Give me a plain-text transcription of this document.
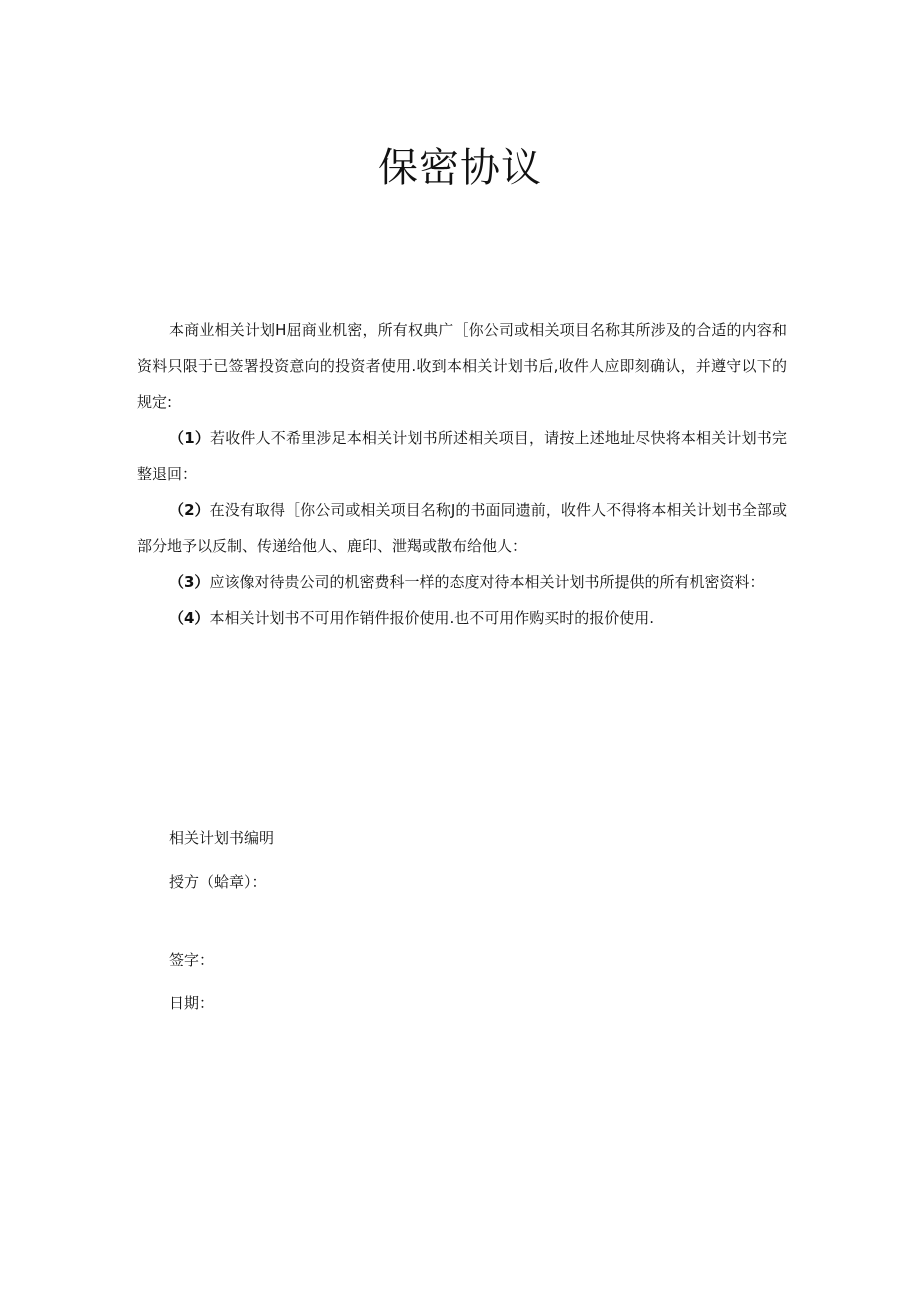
保密协议

本商业相关计划H屈商业机密，所有权典广［你公司或相关项目名称其所涉及的合适的内容和资料只限于已签署投资意向的投资者使用.收到本相关计划书后,收件人应即刻确认，并遵守以下的规定:

（1）若收件人不希里涉足本相关计划书所述相关项目，请按上述地址尽快将本相关计划书完整退回：

（2）在没有取得［你公司或相关项目名称J的书面同遗前，收件人不得将本相关计划书全部或部分地予以反制、传递给他人、鹿印、泄羯或散布给他人：

（3）应该像对待贵公司的机密费科一样的态度对待本相关计划书所提供的所有机密资料：

（4）本相关计划书不可用作销件报价使用.也不可用作购买时的报价使用.

相关计划书编明

授方（蛤章）：

签字：

日期：
